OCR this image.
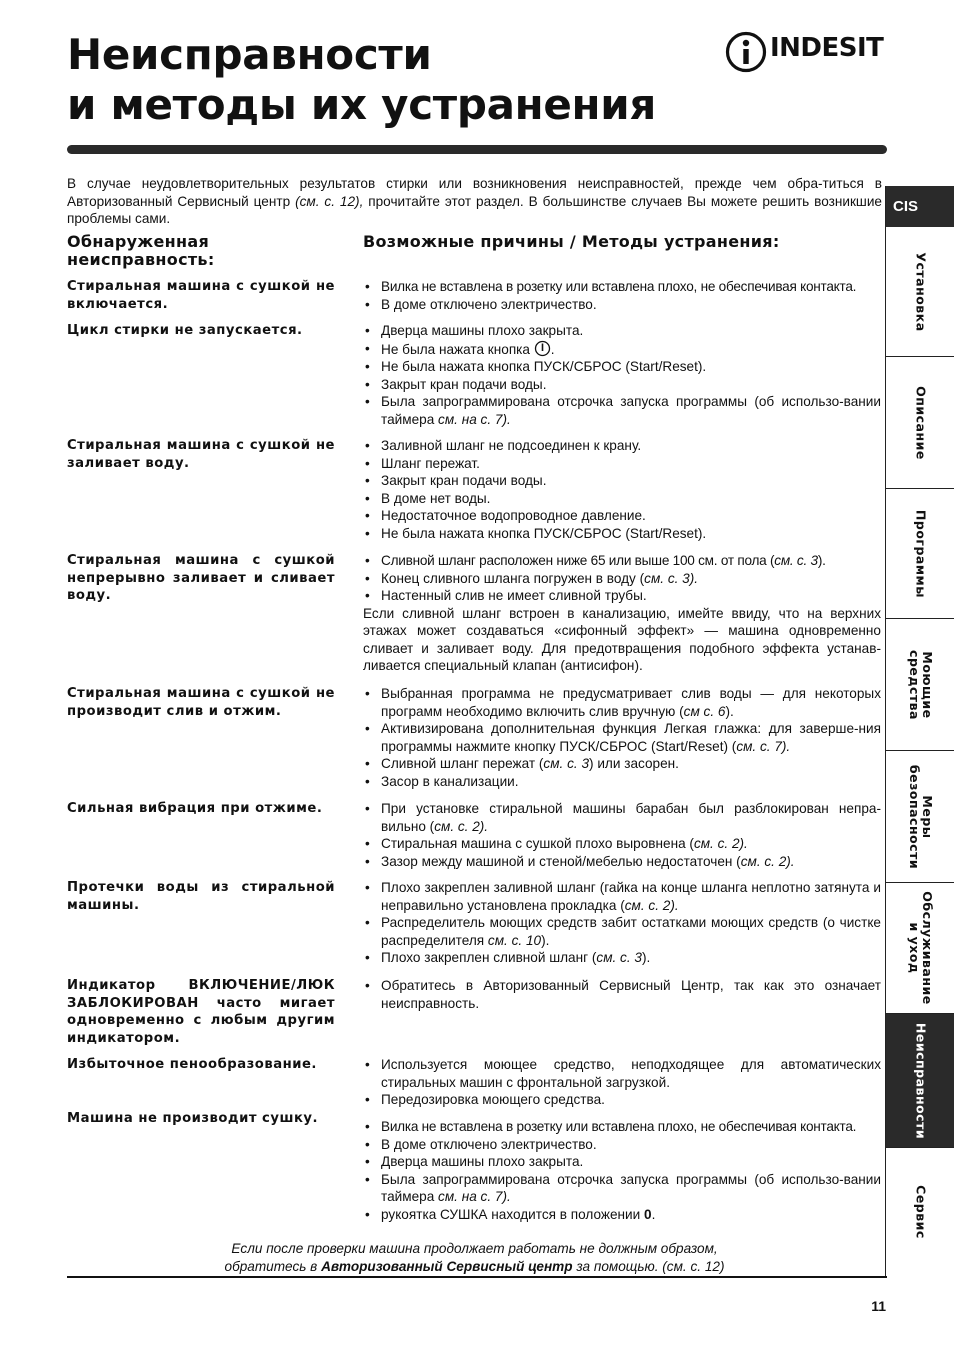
Неисправности
и методы их устранения
INDESIT

В случае неудовлетворительных результатов стирки или возникновения неисправностей, прежде чем обра-титься в Авторизованный Сервисный центр (см. с. 12), прочитайте этот раздел. В большинстве случаев Вы можете решить возникшие проблемы сами.

Обнаруженная неисправность:
Возможные причины / Методы устранения:

Стиральная машина с сушкой не включается.

• Вилка не вставлена в розетку или вставлена плохо, не обеспечивая контакта.
• В доме отключено электричество.

Цикл стирки не запускается.	• Дверца машины плохо закрыта.
• Не была нажата кнопка .
• Не была нажата кнопка ПУСК/СБРОС (Start/Reset).
• Закрыт кран подачи воды.
• Была запрограммирована отсрочка запуска программы (об использо-вании таймера см. на с. 7).

Стиральная машина с сушкой не заливает воду.

• Заливной шланг не подсоединен к крану.
• Шланг пережат.
• Закрыт кран подачи воды.
• В доме нет воды.
• Недостаточное водопроводное давление.
• Не была нажата кнопка ПУСК/СБРОС (Start/Reset).

Стиральная машина с сушкой непрерывно заливает и сливает воду.

• Сливной шланг расположен ниже 65 или выше 100 см. от пола (см. с. 3).
• Конец сливного шланга погружен в воду (см. с. 3).
• Настенный слив не имеет сливной трубы.
Если сливной шланг встроен в канализацию, имейте ввиду, что на верхних этажах может создаваться «сифонный эффект» — машина одновременно сливает и заливает воду. Для предотвращения подобного эффекта устанав-ливается специальный клапан (антисифон).

Стиральная машина с сушкой не производит слив и отжим.

• Выбранная программа не предусматривает слив воды — для некоторых программ необходимо включить слив вручную (см с. 6).
• Активизирована дополнительная функция Легкая глажка: для заверше-ния программы нажмите кнопку ПУСК/СБРОС (Start/Reset) (см. с. 7).
• Сливной шланг пережат (см. с. 3) или засорен.
• Засор в канализации.

Сильная вибрация при отжиме.	• При установке стиральной машины барабан был разблокирован непра-вильно (см. с. 2).
• Стиральная машина с сушкой плохо выровнена (см. с. 2).
• Зазор между машиной и стеной/мебелью недостаточен (см. с. 2).

Протечки воды из стиральной машины.

• Плохо закреплен заливной шланг (гайка на конце шланга неплотно затянута и неправильно установлена прокладка (см. с. 2).
• Распределитель моющих средств забит остатками моющих средств (о чистке распределителя см. с. 10).
• Плохо закреплен сливной шланг (см. с. 3).

Индикатор ВКЛЮЧЕНИЕ/ЛЮК ЗАБЛОКИРОВАН часто мигает одновременно с любым другим индикатором.

• Обратитесь в Авторизованный Сервисный Центр, так как это означает неисправность.

Избыточное пенообразование.	• Используется моющее средство, неподходящее для автоматических стиральных машин с фронтальной загрузкой.
• Передозировка моющего средства.

Машина не производит сушку.

• Вилка не вставлена в розетку или вставлена плохо, не обеспечивая контакта.
• В доме отключено электричество.
• Дверца машины плохо закрыта.
• Была запрограммирована отсрочка запуска программы (об использо-вании таймера см. на с. 7).
• рукоятка СУШКА находится в положении 0.

Если после проверки машина продолжает работать не должным образом,
обратитесь в Авторизованный Сервисный центр за помощью. (см. с. 12)

11
CIS
Установка
Описание
Программы
Моющие
средства
Меры
безопасности
Обслуживание
и уход
Неисправности
Сервис
